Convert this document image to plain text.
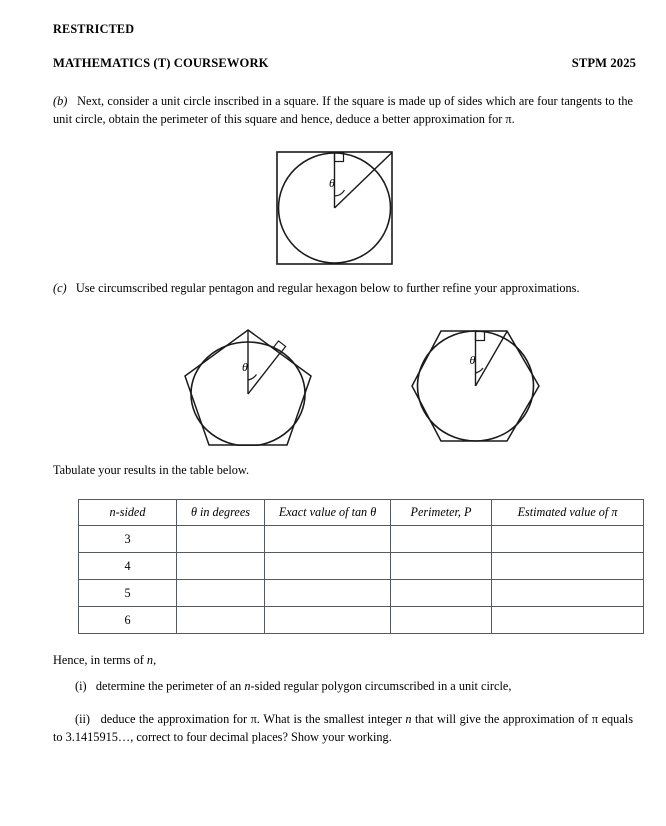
RESTRICTED
MATHEMATICS (T) COURSEWORK	STPM 2025
(b) Next, consider a unit circle inscribed in a square. If the square is made up of sides which are four tangents to the unit circle, obtain the perimeter of this square and hence, deduce a better approximation for π.
θ
(c) Use circumscribed regular pentagon and regular hexagon below to further refine your approximations.
θ	θ
Tabulate your results in the table below.
n-sided	θ in degrees	Exact value of tan θ	Perimeter, P	Estimated value of π
3				
4				
5				
6				
Hence, in terms of n,
(i) determine the perimeter of an n-sided regular polygon circumscribed in a unit circle,
(ii) deduce the approximation for π. What is the smallest integer n that will give the approximation of π equals to 3.1415915…, correct to four decimal places? Show your working.
